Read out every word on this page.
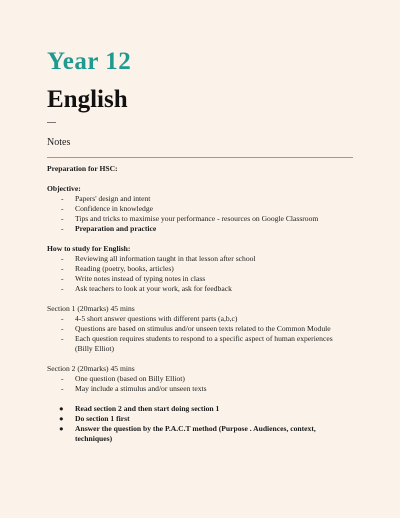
Year 12
English
Notes
Preparation for HSC:
Objective:
- Papers' design and intent
- Confidence in knowledge
- Tips and tricks to maximise your performance - resources on Google Classroom
- Preparation and practice
How to study for English:
- Reviewing all information taught in that lesson after school
- Reading (poetry, books, articles)
- Write notes instead of typing notes in class
- Ask teachers to look at your work, ask for feedback
Section 1 (20marks) 45 mins
- 4-5 short answer questions with different parts (a,b,c)
- Questions are based on stimulus and/or unseen texts related to the Common Module
- Each question requires students to respond to a specific aspect of human experiences
(Billy Elliot)
Section 2 (20marks) 45 mins
- One question (based on Billy Elliot)
- May include a stimulus and/or unseen texts
● Read section 2 and then start doing section 1
● Do section 1 first
● Answer the question by the P.A.C.T method (Purpose . Audiences, context,
techniques)
